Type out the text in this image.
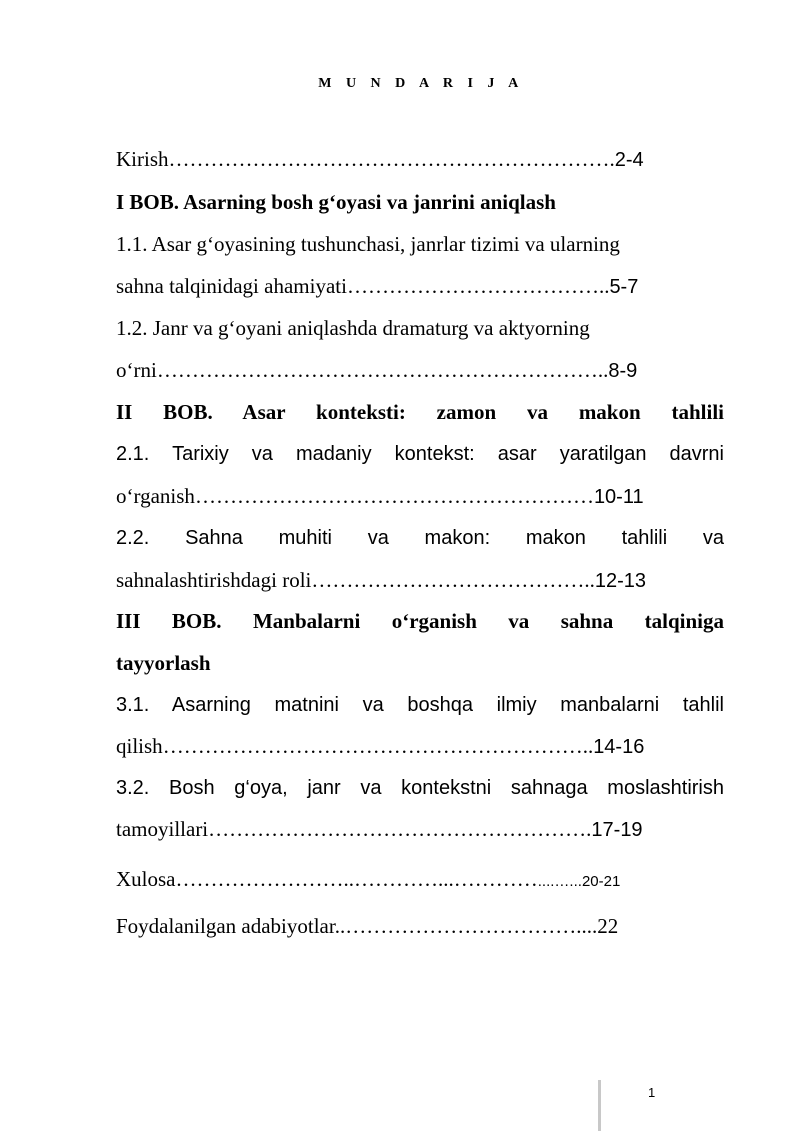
M U N D A R I J A
Kirish……………………………………………………….2-4
I BOB. Asarning bosh g‘oyasi va janrini aniqlash
1.1. Asar g‘oyasining tushunchasi, janrlar tizimi va ularning
sahna talqinidagi ahamiyati………………………………..5-7
1.2. Janr va g‘oyani aniqlashda dramaturg va aktyorning
o‘rni………………………………………………………..8-9
II BOB. Asar konteksti: zamon va makon tahlili
2.1. Tarixiy va madaniy kontekst: asar yaratilgan davrni
o‘rganish…………………………………………………10-11
2.2. Sahna muhiti va makon: makon tahlili va
sahnalashtirishdagi roli…………………………………..12-13
III BOB. Manbalarni o‘rganish va sahna talqiniga
tayyorlash
3.1. Asarning matnini va boshqa ilmiy manbalarni tahlil
qilish……………………………………………………..14-16
3.2. Bosh g‘oya, janr va kontekstni sahnaga moslashtirish
tamoyillari……………………………………………….17-19
Xulosa……………………..…………...…………....…...20-21
Foydalanilgan adabiyotlar..……………………………....22
1
